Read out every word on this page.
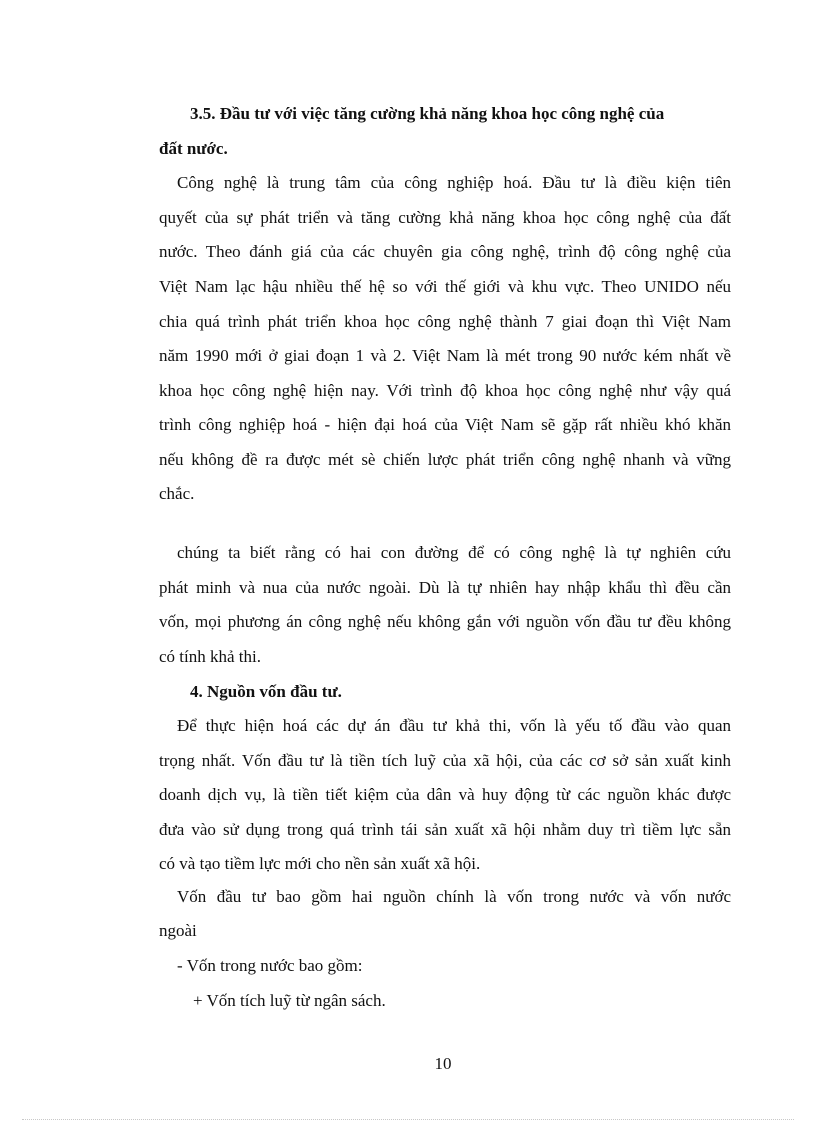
3.5. Đầu tư với việc tăng cường khả năng khoa học công nghệ của
đất nước.
Công nghệ là trung tâm của công nghiệp hoá. Đầu tư là điều kiện tiên
quyết của sự phát triển và tăng cường khả năng khoa học công nghệ của đất
nước. Theo đánh giá của các chuyên gia công nghệ, trình độ công nghệ của
Việt Nam lạc hậu nhiều thế hệ so với thế giới và khu vực. Theo UNIDO nếu
chia quá trình phát triển khoa học công nghệ thành 7 giai đoạn thì Việt Nam
năm 1990 mới ở giai đoạn 1 và 2. Việt Nam là mét trong 90 nước kém nhất về
khoa học công nghệ hiện nay. Với trình độ khoa học công nghệ như vậy quá
trình công nghiệp hoá - hiện đại hoá của Việt Nam sẽ gặp rất nhiều khó khăn
nếu không đề ra được mét sè chiến lược phát triển công nghệ nhanh và vững
chắc.
chúng ta biết rằng có hai con đường để có công nghệ là tự nghiên cứu
phát minh và nua của nước ngoài. Dù là tự nhiên hay nhập khẩu thì đều cần
vốn, mọi phương án công nghệ nếu không gắn với nguồn vốn đầu tư đều không
có tính khả thi.
4. Nguồn vốn đầu tư.
Để thực hiện hoá các dự án đầu tư khả thi, vốn là yếu tố đầu vào quan
trọng nhất. Vốn đầu tư là tiền tích luỹ của xã hội, của các cơ sở sản xuất kinh
doanh dịch vụ, là tiền tiết kiệm của dân và huy động từ các nguồn khác được
đưa vào sử dụng trong quá trình tái sản xuất xã hội nhằm duy trì tiềm lực sẵn
có và tạo tiềm lực mới cho nền sản xuất xã hội.
Vốn đầu tư bao gồm hai nguồn chính là vốn trong nước và vốn nước
ngoài
- Vốn trong nước bao gồm:
+ Vốn tích luỹ từ ngân sách.
10
